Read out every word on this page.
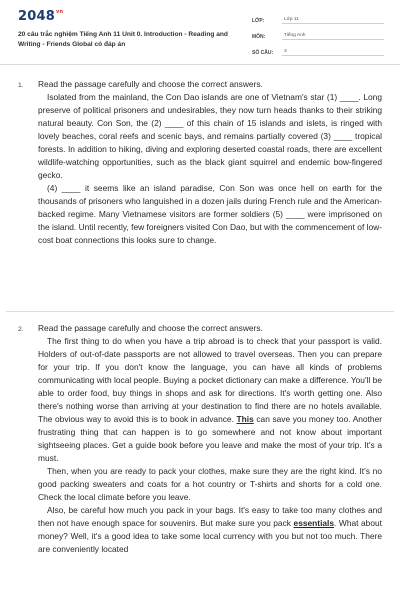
$2048^{vn}$
20 câu trắc nghiệm Tiếng Anh 11 Unit 0. Introduction - Reading and Writing - Friends Global có đáp án
LỚP:	Lớp 11
MÔN:	Tiếng Anh
SỐ CÂU:	3
1. Read the passage carefully and choose the correct answers.

Isolated from the mainland, the Con Dao islands are one of Vietnam's star (1) ____. Long preserve of political prisoners and undesirables, they now turn heads thanks to their striking natural beauty. Con Son, the (2) ____ of this chain of 15 islands and islets, is ringed with lovely beaches, coral reefs and scenic bays, and remains partially covered (3) ____ tropical forests. In addition to hiking, diving and exploring deserted coastal roads, there are excellent wildlife-watching opportunities, such as the black giant squirrel and endemic bow-fingered gecko.

(4) ____ it seems like an island paradise, Con Son was once hell on earth for the thousands of prisoners who languished in a dozen jails during French rule and the American-backed regime. Many Vietnamese visitors are former soldiers (5) ____ were imprisoned on the island. Until recently, few foreigners visited Con Dao, but with the commencement of low-cost boat connections this looks sure to change.

2. Read the passage carefully and choose the correct answers.

The first thing to do when you have a trip abroad is to check that your passport is valid. Holders of out-of-date passports are not allowed to travel overseas. Then you can prepare for your trip. If you don't know the language, you can have all kinds of problems communicating with local people. Buying a pocket dictionary can make a difference. You'll be able to order food, buy things in shops and ask for directions. It's worth getting one. Also there's nothing worse than arriving at your destination to find there are no hotels available. The obvious way to avoid this is to book in advance. This can save you money too. Another frustrating thing that can happen is to go somewhere and not know about important sightseeing places. Get a guide book before you leave and make the most of your trip. It's a must.

Then, when you are ready to pack your clothes, make sure they are the right kind. It's no good packing sweaters and coats for a hot country or T-shirts and shorts for a cold one. Check the local climate before you leave.

Also, be careful how much you pack in your bags. It's easy to take too many clothes and then not have enough space for souvenirs. But make sure you pack essentials. What about money? Well, it's a good idea to take some local currency with you but not too much. There are conveniently located
